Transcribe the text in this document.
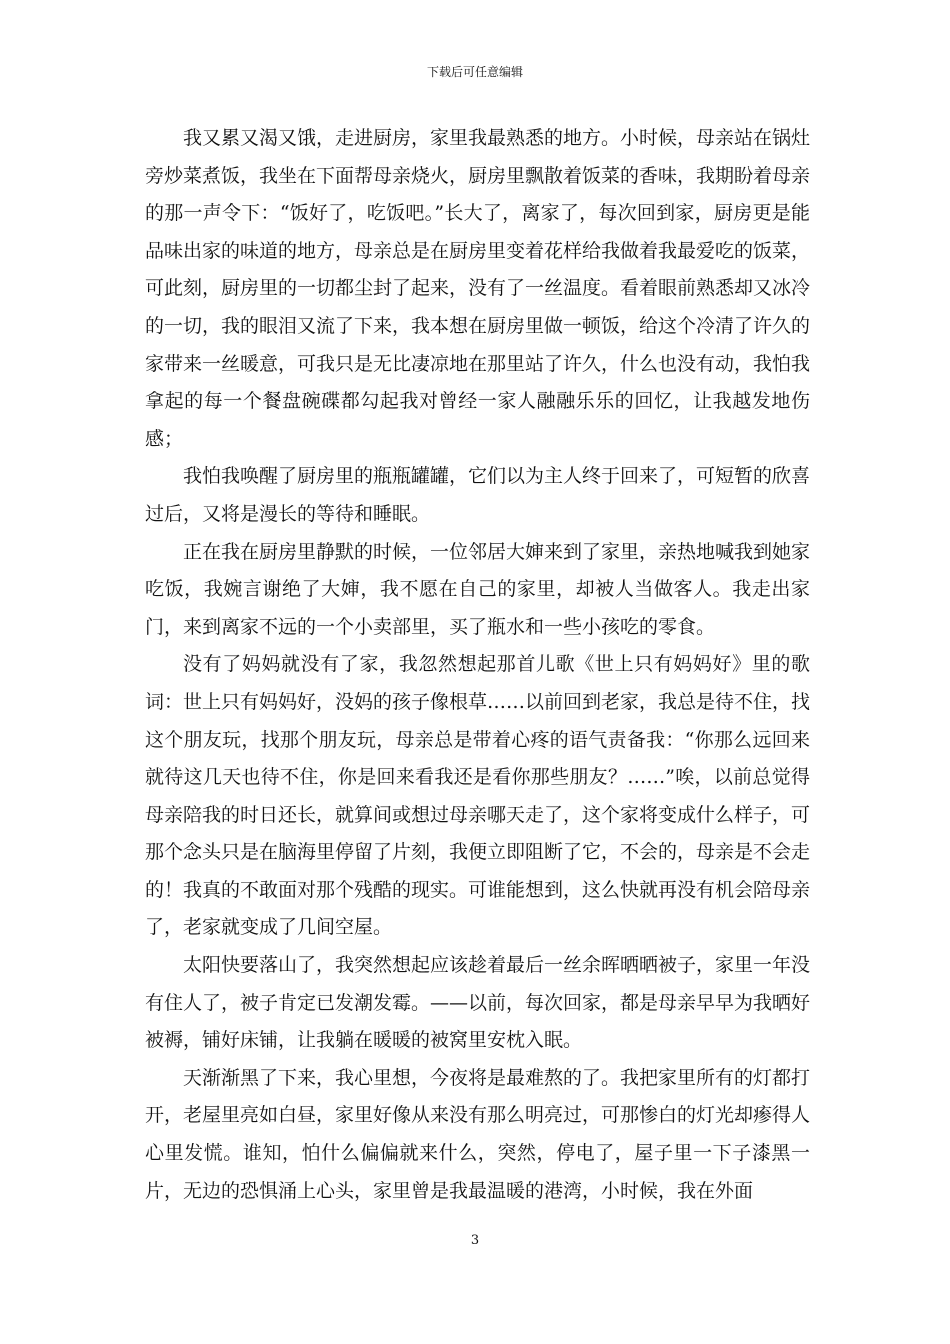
下载后可任意编辑

我又累又渴又饿，走进厨房，家里我最熟悉的地方。小时候，母亲站在锅灶旁炒菜煮饭，我坐在下面帮母亲烧火，厨房里飘散着饭菜的香味，我期盼着母亲的那一声令下：“饭好了，吃饭吧。”长大了，离家了，每次回到家，厨房更是能品味出家的味道的地方，母亲总是在厨房里变着花样给我做着我最爱吃的饭菜，可此刻，厨房里的一切都尘封了起来，没有了一丝温度。看着眼前熟悉却又冰冷的一切，我的眼泪又流了下来，我本想在厨房里做一顿饭，给这个冷清了许久的家带来一丝暖意，可我只是无比凄凉地在那里站了许久，什么也没有动，我怕我拿起的每一个餐盘碗碟都勾起我对曾经一家人融融乐乐的回忆，让我越发地伤感；

我怕我唤醒了厨房里的瓶瓶罐罐，它们以为主人终于回来了，可短暂的欣喜过后，又将是漫长的等待和睡眠。

正在我在厨房里静默的时候，一位邻居大婶来到了家里，亲热地喊我到她家吃饭，我婉言谢绝了大婶，我不愿在自己的家里，却被人当做客人。我走出家门，来到离家不远的一个小卖部里，买了瓶水和一些小孩吃的零食。

没有了妈妈就没有了家，我忽然想起那首儿歌《世上只有妈妈好》里的歌词：世上只有妈妈好，没妈的孩子像根草……以前回到老家，我总是待不住，找这个朋友玩，找那个朋友玩，母亲总是带着心疼的语气责备我：“你那么远回来就待这几天也待不住，你是回来看我还是看你那些朋友？……”唉，以前总觉得母亲陪我的时日还长，就算间或想过母亲哪天走了，这个家将变成什么样子，可那个念头只是在脑海里停留了片刻，我便立即阻断了它，不会的，母亲是不会走的！我真的不敢面对那个残酷的现实。可谁能想到，这么快就再没有机会陪母亲了，老家就变成了几间空屋。

太阳快要落山了，我突然想起应该趁着最后一丝余晖晒晒被子，家里一年没有住人了，被子肯定已发潮发霉。——以前，每次回家，都是母亲早早为我晒好被褥，铺好床铺，让我躺在暖暖的被窝里安枕入眠。

天渐渐黑了下来，我心里想，今夜将是最难熬的了。我把家里所有的灯都打开，老屋里亮如白昼，家里好像从来没有那么明亮过，可那惨白的灯光却瘆得人心里发慌。谁知，怕什么偏偏就来什么，突然，停电了，屋子里一下子漆黑一片，无边的恐惧涌上心头，家里曾是我最温暖的港湾，小时候，我在外面

3
